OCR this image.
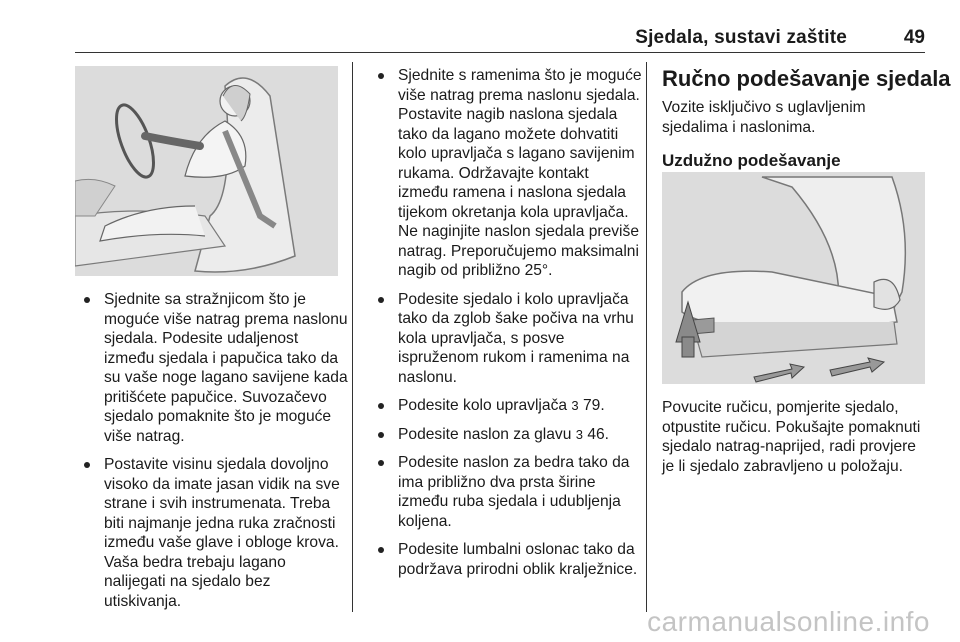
Sjedala, sustavi zaštite	49
Sjednite sa stražnjicom što je moguće više natrag prema naslonu sjedala. Podesite udaljenost između sjedala i papučica tako da su vaše noge lagano savijene kada pritišćete papučice. Suvozačevo sjedalo pomaknite što je moguće više natrag.
Postavite visinu sjedala dovoljno visoko da imate jasan vidik na sve strane i svih instrumenata. Treba biti najmanje jedna ruka zračnosti između vaše glave i obloge krova. Vaša bedra trebaju lagano nalijegati na sjedalo bez utiskivanja.
Sjednite s ramenima što je moguće više natrag prema naslonu sjedala. Postavite nagib naslona sjedala tako da lagano možete dohvatiti kolo upravljača s lagano savijenim rukama. Održavajte kontakt između ramena i naslona sjedala tijekom okretanja kola upravljača. Ne naginjite naslon sjedala previše natrag. Preporučujemo maksimalni nagib od približno 25°.
Podesite sjedalo i kolo upravljača tako da zglob šake počiva na vrhu kola upravljača, s posve ispruženom rukom i ramenima na naslonu.
Podesite kolo upravljača 3 79.
Podesite naslon za glavu 3 46.
Podesite naslon za bedra tako da ima približno dva prsta širine između ruba sjedala i udubljenja koljena.
Podesite lumbalni oslonac tako da podržava prirodni oblik kralježnice.
Ručno podešavanje sjedala

Vozite isključivo s uglavljenim sjedalima i naslonima.

Uzdužno podešavanje

Povucite ručicu, pomjerite sjedalo, otpustite ručicu. Pokušajte pomaknuti sjedalo natrag-naprijed, radi provjere je li sjedalo zabravljeno u položaju.

carmanualsonline.info
